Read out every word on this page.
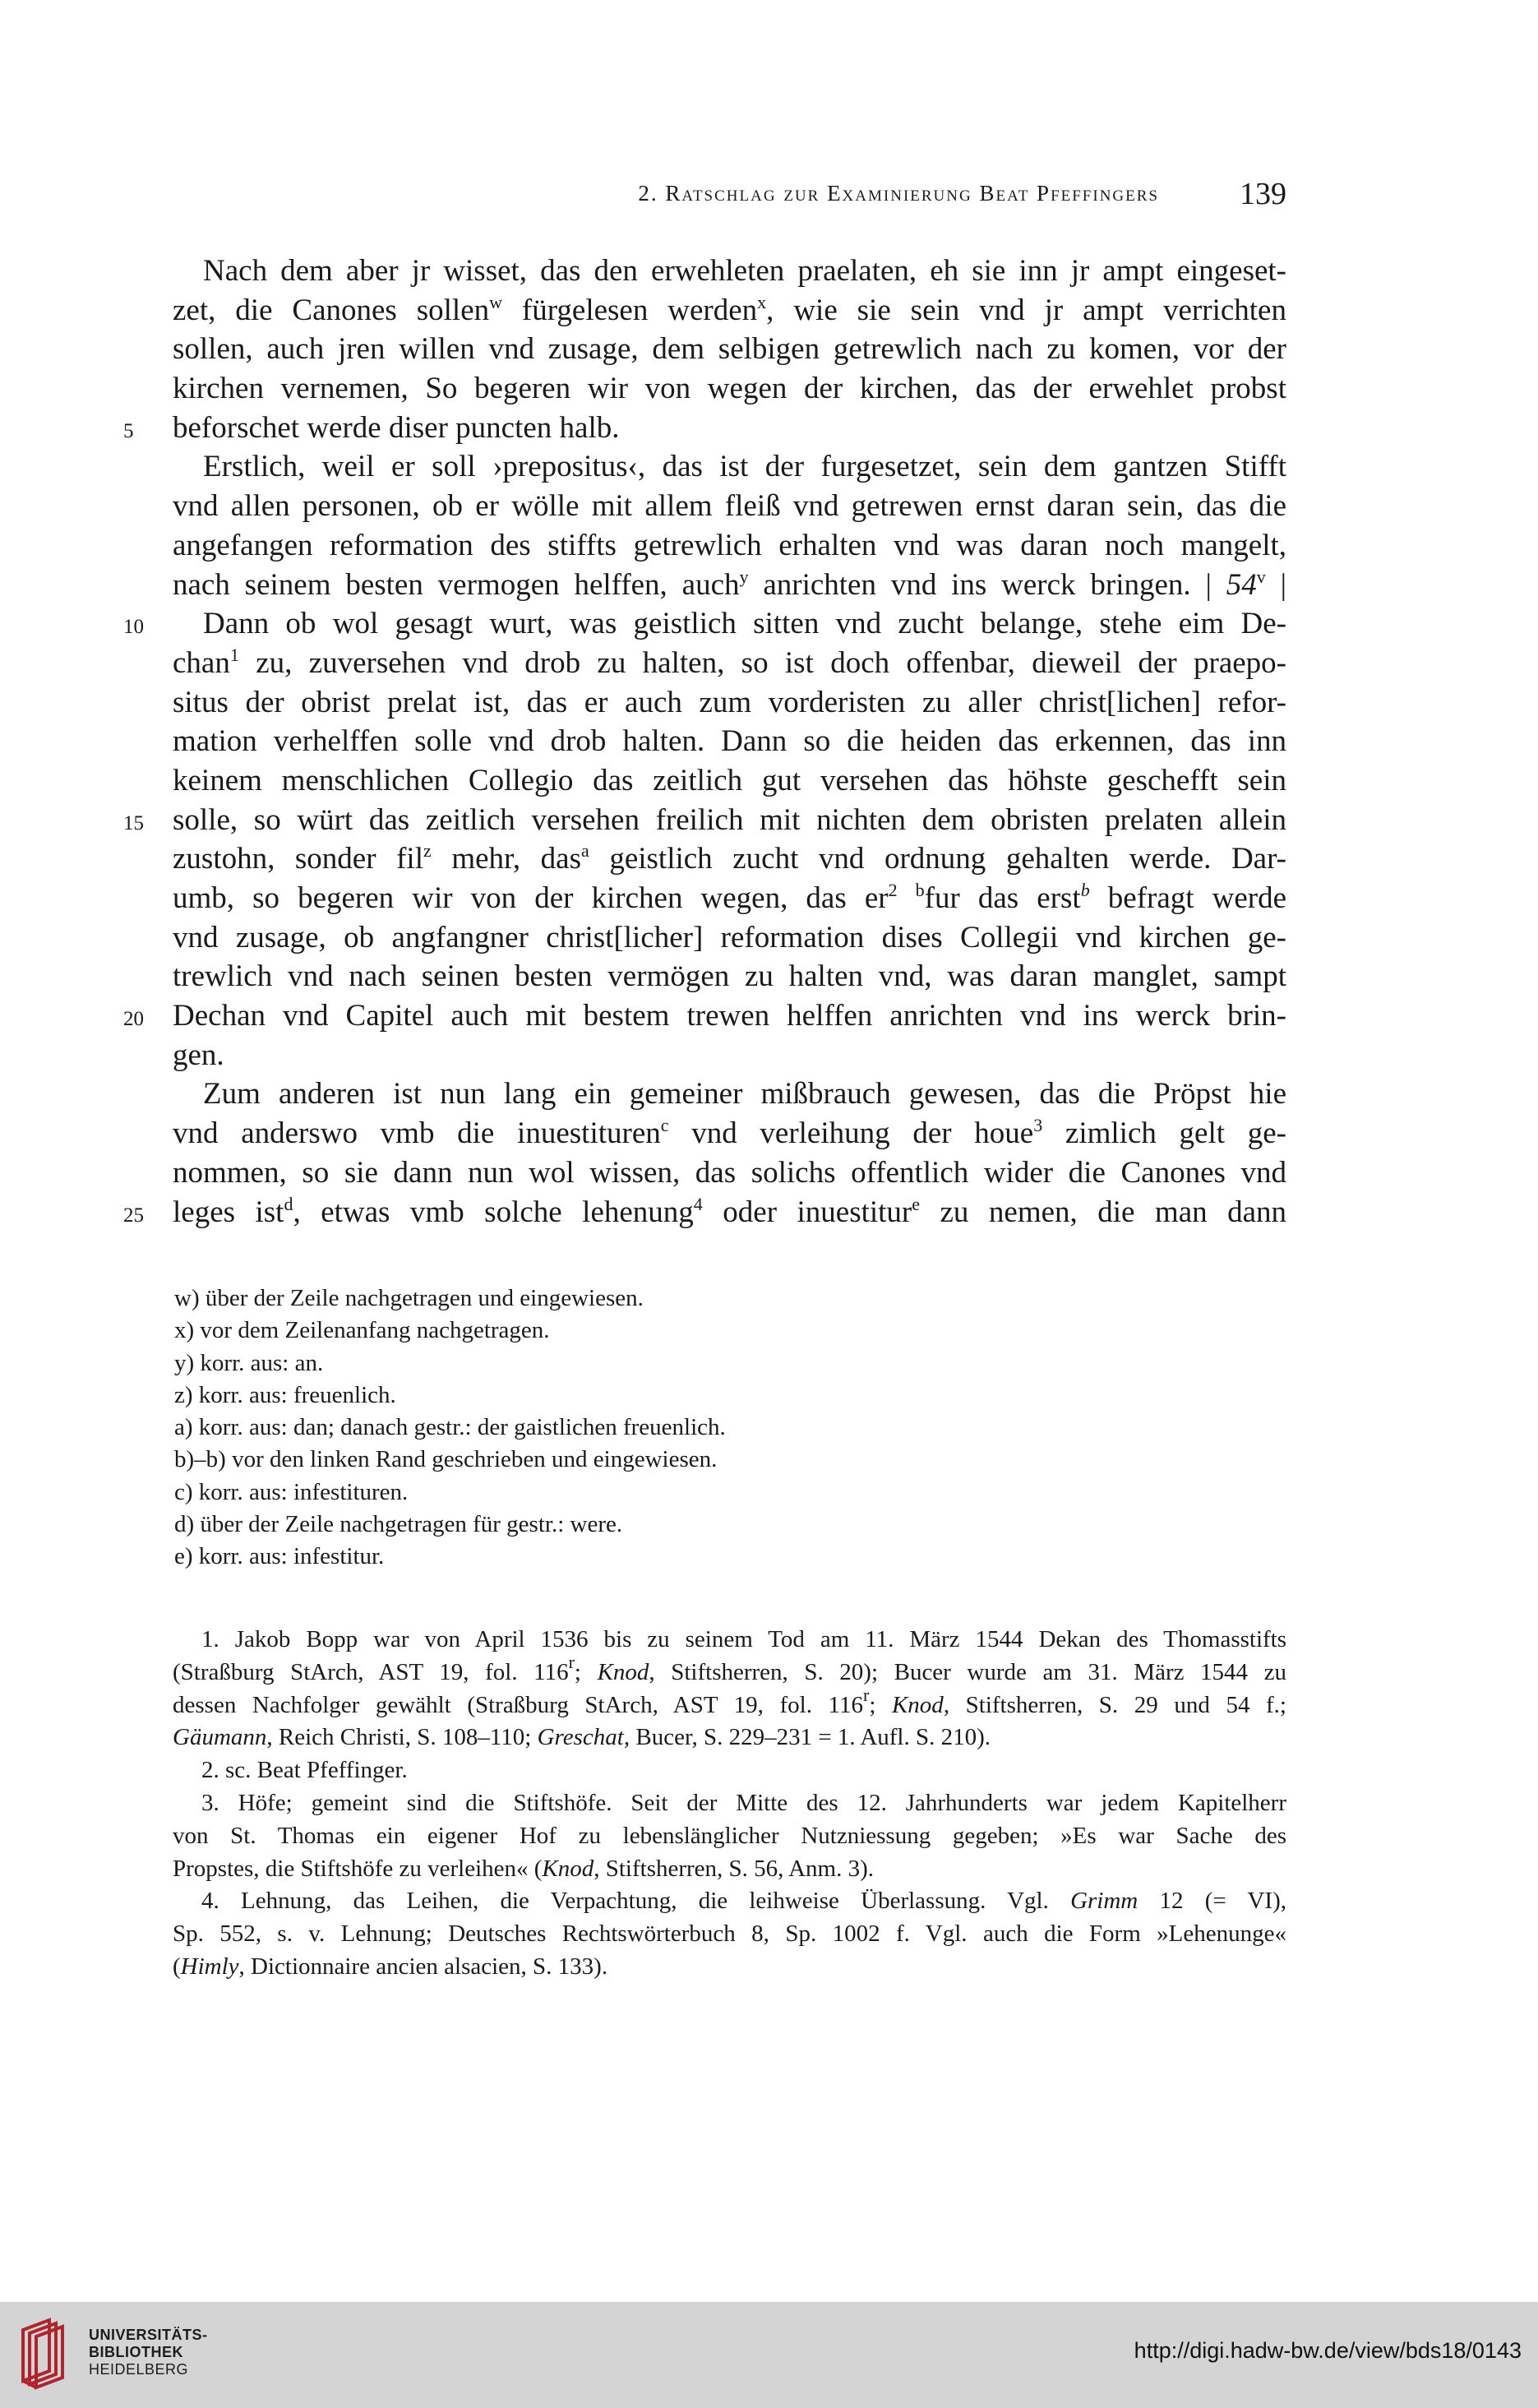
2. Ratschlag zur Examinierung Beat Pfeffingers	139
Nach dem aber jr wisset, das den erwehleten praelaten, eh sie inn jr ampt eingeset-
zet, die Canones sollen$^w$ fürgelesen werden$^x$, wie sie sein vnd jr ampt verrichten
sollen, auch jren willen vnd zusage, dem selbigen getrewlich nach zu komen, vor der
kirchen vernemen, So begeren wir von wegen der kirchen, das der erwehlet probst
5 beforschet werde diser puncten halb.
Erstlich, weil er soll ›prepositus‹, das ist der furgesetzet, sein dem gantzen Stifft
vnd allen personen, ob er wölle mit allem fleiß vnd getrewen ernst daran sein, das die
angefangen reformation des stiffts getrewlich erhalten vnd was daran noch mangelt,
nach seinem besten vermogen helffen, auch$^y$ anrichten vnd ins werck bringen. | 54$^v$ |
10 Dann ob wol gesagt wurt, was geistlich sitten vnd zucht belange, stehe eim De-
chan$^1$ zu, zuversehen vnd drob zu halten, so ist doch offenbar, dieweil der praepo-
situs der obrist prelat ist, das er auch zum vorderisten zu aller christ[lichen] refor-
mation verhelffen solle vnd drob halten. Dann so die heiden das erkennen, das inn
keinem menschlichen Collegio das zeitlich gut versehen das höhste geschefft sein
15 solle, so würt das zeitlich versehen freilich mit nichten dem obristen prelaten allein
zustohn, sonder fil$^z$ mehr, das$^a$ geistlich zucht vnd ordnung gehalten werde. Dar-
umb, so begeren wir von der kirchen wegen, das $er^2$ $^b$fur das erst$^b$ befragt werde
vnd zusage, ob angfangner christ[licher] reformation dises Collegii vnd kirchen ge-
trewlich vnd nach seinen besten vermögen zu halten vnd, was daran manglet, sampt
20 Dechan vnd Capitel auch mit bestem trewen helffen anrichten vnd ins werck brin-
gen.
Zum anderen ist nun lang ein gemeiner mißbrauch gewesen, das die Pröpst hie
vnd anderswo vmb die inuestituren$^c$ vnd verleihung der houe$^3$ zimlich gelt ge-
nommen, so sie dann nun wol wissen, das solichs offentlich wider die Canones vnd
25 leges ist$^d$, etwas vmb solche lehenung$^4$ oder inuestitur$^e$ zu nemen, die man dann
w) über der Zeile nachgetragen und eingewiesen.
x) vor dem Zeilenanfang nachgetragen.
y) korr. aus: an.
z) korr. aus: freuenlich.
a) korr. aus: dan; danach gestr.: der gaistlichen freuenlich.
b)–b) vor den linken Rand geschrieben und eingewiesen.
c) korr. aus: infestituren.
d) über der Zeile nachgetragen für gestr.: were.
e) korr. aus: infestitur.
1. Jakob Bopp war von April 1536 bis zu seinem Tod am 11. März 1544 Dekan des Thomasstifts
(Straßburg StArch, AST 19, fol. 116$^r$; Knod, Stiftsherren, S. 20); Bucer wurde am 31. März 1544 zu
dessen Nachfolger gewählt (Straßburg StArch, AST 19, fol. 116$^r$; Knod, Stiftsherren, S. 29 und 54 f.;
Gäumann, Reich Christi, S. 108–110; Greschat, Bucer, S. 229–231 = 1. Aufl. S. 210).
2. sc. Beat Pfeffinger.
3. Höfe; gemeint sind die Stiftshöfe. Seit der Mitte des 12. Jahrhunderts war jedem Kapitelherr
von St. Thomas ein eigener Hof zu lebenslänglicher Nutzniessung gegeben; »Es war Sache des
Propstes, die Stiftshöfe zu verleihen« (Knod, Stiftsherren, S. 56, Anm. 3).
4. Lehnung, das Leihen, die Verpachtung, die leihweise Überlassung. Vgl. Grimm 12 (= VI),
Sp. 552, s. v. Lehnung; Deutsches Rechtswörterbuch 8, Sp. 1002 f. Vgl. auch die Form »Lehenunge«
(Himly, Dictionnaire ancien alsacien, S. 133).
UNIVERSITÄTS-
BIBLIOTHEK
HEIDELBERG
http://digi.hadw-bw.de/view/bds18/0143
